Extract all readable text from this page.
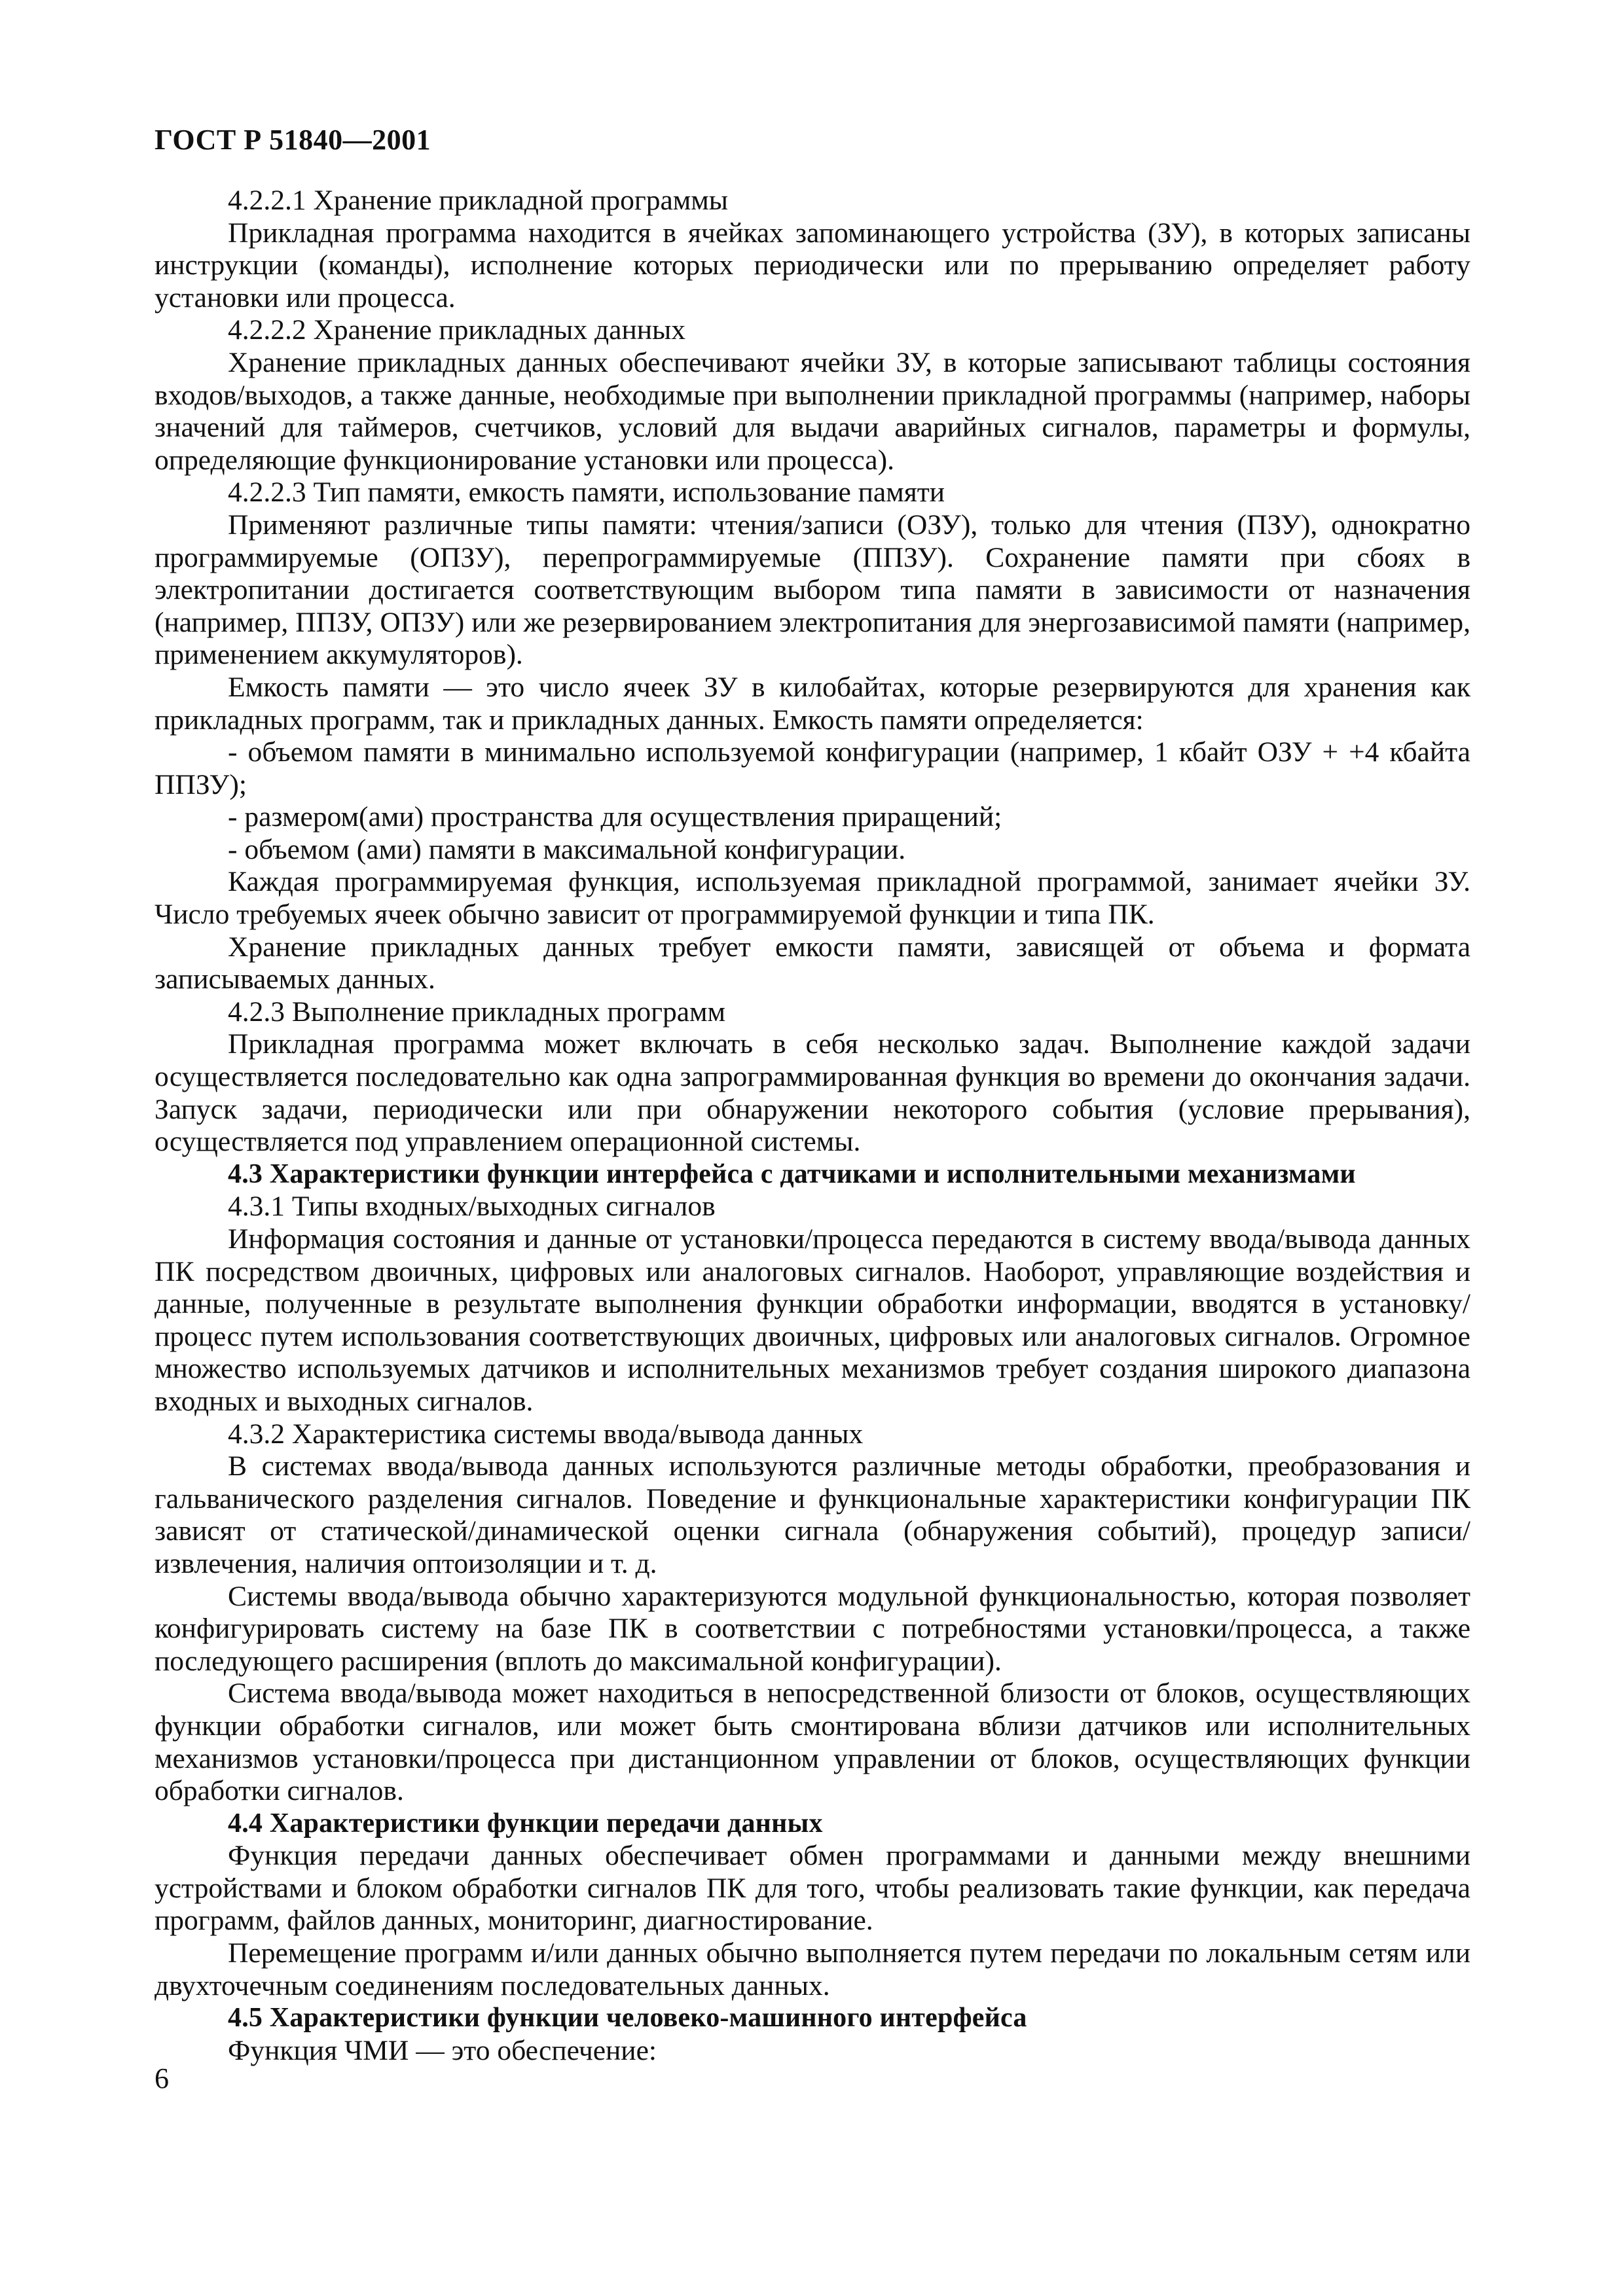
ГОСТ Р 51840—2001

4.2.2.1 Хранение прикладной программы

Прикладная программа находится в ячейках запоминающего устройства (ЗУ), в которых записаны инструкции (команды), исполнение которых периодически или по прерыванию определяет работу установки или процесса.

4.2.2.2 Хранение прикладных данных

Хранение прикладных данных обеспечивают ячейки ЗУ, в которые записывают таблицы состояния входов/выходов, а также данные, необходимые при выполнении прикладной программы (например, наборы значений для таймеров, счетчиков, условий для выдачи аварийных сигналов, параметры и формулы, определяющие функционирование установки или процесса).

4.2.2.3 Тип памяти, емкость памяти, использование памяти

Применяют различные типы памяти: чтения/записи (ОЗУ), только для чтения (ПЗУ), однократно программируемые (ОПЗУ), перепрограммируемые (ППЗУ). Сохранение памяти при сбоях в электропитании достигается соответствующим выбором типа памяти в зависимости от назначения (например, ППЗУ, ОПЗУ) или же резервированием электропитания для энергозависимой памяти (например, применением аккумуляторов).

Емкость памяти — это число ячеек ЗУ в килобайтах, которые резервируются для хранения как прикладных программ, так и прикладных данных. Емкость памяти определяется:

- объемом памяти в минимально используемой конфигурации (например, 1 кбайт ОЗУ + +4 кбайта ППЗУ);

- размером(ами) пространства для осуществления приращений;

- объемом (ами) памяти в максимальной конфигурации.

Каждая программируемая функция, используемая прикладной программой, занимает ячейки ЗУ. Число требуемых ячеек обычно зависит от программируемой функции и типа ПК.

Хранение прикладных данных требует емкости памяти, зависящей от объема и формата записываемых данных.

4.2.3 Выполнение прикладных программ

Прикладная программа может включать в себя несколько задач. Выполнение каждой задачи осуществляется последовательно как одна запрограммированная функция во времени до окончания задачи. Запуск задачи, периодически или при обнаружении некоторого события (условие прерывания), осуществляется под управлением операционной системы.

4.3 Характеристики функции интерфейса с датчиками и исполнительными механизмами

4.3.1 Типы входных/выходных сигналов

Информация состояния и данные от установки/процесса передаются в систему ввода/вывода данных ПК посредством двоичных, цифровых или аналоговых сигналов. Наоборот, управляющие воздействия и данные, полученные в результате выполнения функции обработки информации, вводятся в установку/процесс путем использования соответствующих двоичных, цифровых или аналоговых сигналов. Огромное множество используемых датчиков и исполнительных механизмов требует создания широкого диапазона входных и выходных сигналов.

4.3.2 Характеристика системы ввода/вывода данных

В системах ввода/вывода данных используются различные методы обработки, преобразования и гальванического разделения сигналов. Поведение и функциональные характеристики конфигурации ПК зависят от статической/динамической оценки сигнала (обнаружения событий), процедур записи/извлечения, наличия оптоизоляции и т. д.

Системы ввода/вывода обычно характеризуются модульной функциональностью, которая позволяет конфигурировать систему на базе ПК в соответствии с потребностями установки/процесса, а также последующего расширения (вплоть до максимальной конфигурации).

Система ввода/вывода может находиться в непосредственной близости от блоков, осуществляющих функции обработки сигналов, или может быть смонтирована вблизи датчиков или исполнительных механизмов установки/процесса при дистанционном управлении от блоков, осуществляющих функции обработки сигналов.

4.4 Характеристики функции передачи данных

Функция передачи данных обеспечивает обмен программами и данными между внешними устройствами и блоком обработки сигналов ПК для того, чтобы реализовать такие функции, как передача программ, файлов данных, мониторинг, диагностирование.

Перемещение программ и/или данных обычно выполняется путем передачи по локальным сетям или двухточечным соединениям последовательных данных.

4.5 Характеристики функции человеко-машинного интерфейса

Функция ЧМИ — это обеспечение:

6
